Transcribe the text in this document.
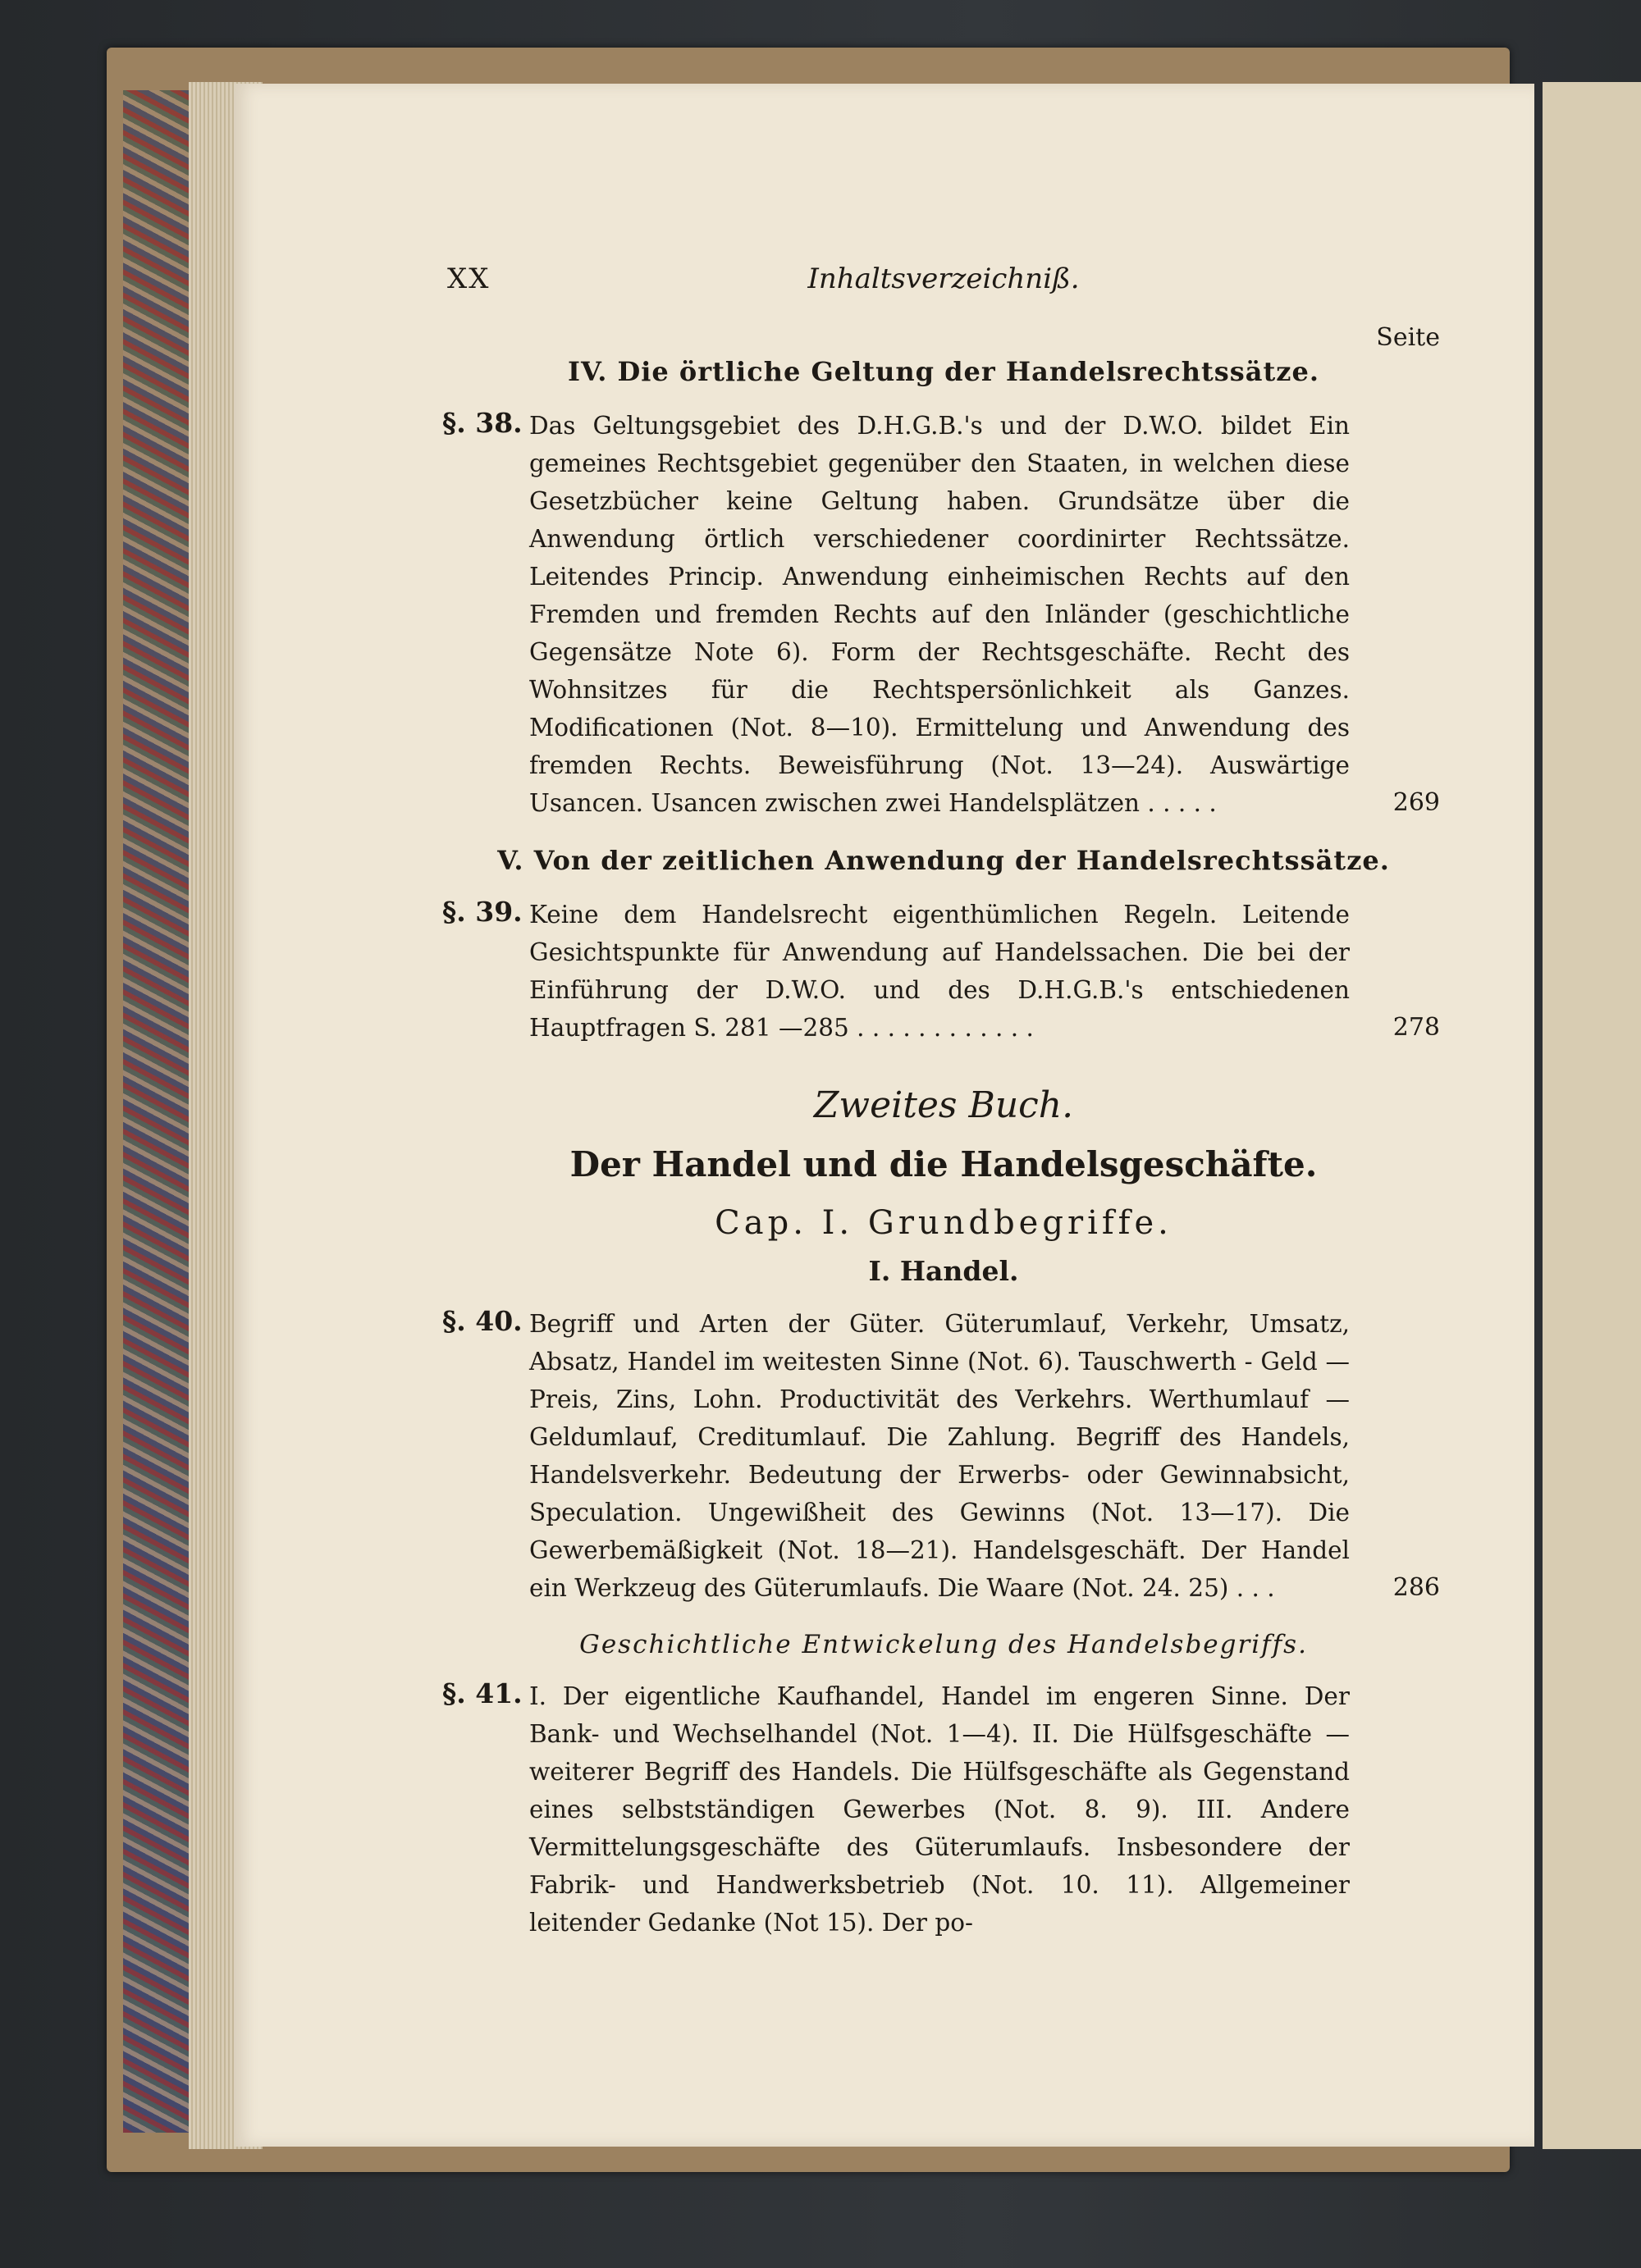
XX	Inhaltsverzeichniß.
Seite
IV. Die örtliche Geltung der Handelsrechtssätze.
§. 38. Das Geltungsgebiet des D.H.G.B.'s und der D.W.O. bildet Ein gemeines Rechtsgebiet gegenüber den Staaten, in welchen diese Gesetzbücher keine Geltung haben. Grundsätze über die Anwendung örtlich verschiedener coordinirter Rechtssätze. Leitendes Princip. Anwendung einheimischen Rechts auf den Fremden und fremden Rechts auf den Inländer (geschichtliche Gegensätze Note 6). Form der Rechtsgeschäfte. Recht des Wohnsitzes für die Rechtspersönlichkeit als Ganzes. Modificationen (Not. 8—10). Ermittelung und Anwendung des fremden Rechts. Beweisführung (Not. 13—24). Auswärtige Usancen. Usancen zwischen zwei Handelsplätzen . . . . .	269
V. Von der zeitlichen Anwendung der Handelsrechtssätze.
§. 39. Keine dem Handelsrecht eigenthümlichen Regeln. Leitende Gesichtspunkte für Anwendung auf Handelssachen. Die bei der Einführung der D.W.O. und des D.H.G.B.'s entschiedenen Hauptfragen S. 281 —285 . . . . . . . . . . . .	278
Zweites Buch.
Der Handel und die Handelsgeschäfte.
Cap. I. Grundbegriffe.
I. Handel.
§. 40. Begriff und Arten der Güter. Güterumlauf, Verkehr, Umsatz, Absatz, Handel im weitesten Sinne (Not. 6). Tauschwerth - Geld — Preis, Zins, Lohn. Productivität des Verkehrs. Werthumlauf — Geldumlauf, Creditumlauf. Die Zahlung. Begriff des Handels, Handelsverkehr. Bedeutung der Erwerbs- oder Gewinnabsicht, Speculation. Ungewißheit des Gewinns (Not. 13—17). Die Gewerbemäßigkeit (Not. 18—21). Handelsgeschäft. Der Handel ein Werkzeug des Güterumlaufs. Die Waare (Not. 24. 25) . . .	286
Geschichtliche Entwickelung des Handelsbegriffs.
§. 41. I. Der eigentliche Kaufhandel, Handel im engeren Sinne. Der Bank- und Wechselhandel (Not. 1—4). II. Die Hülfsgeschäfte — weiterer Begriff des Handels. Die Hülfsgeschäfte als Gegenstand eines selbstständigen Gewerbes (Not. 8. 9). III. Andere Vermittelungsgeschäfte des Güterumlaufs. Insbesondere der Fabrik- und Handwerksbetrieb (Not. 10. 11). Allgemeiner leitender Gedanke (Not 15). Der po-
